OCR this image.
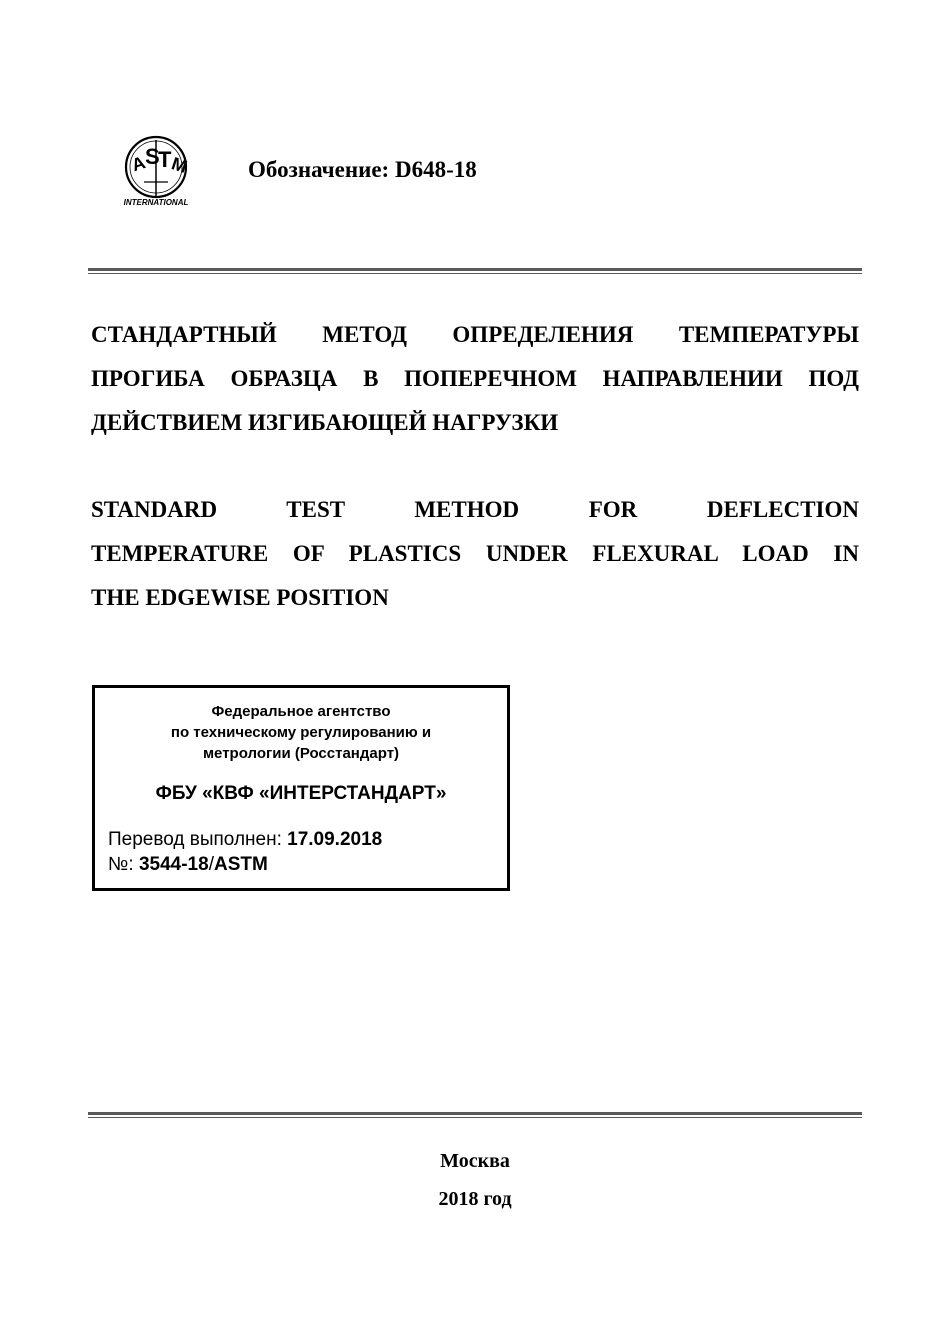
A
S
T
M
INTERNATIONAL
Обозначение: D648-18
СТАНДАРТНЫЙ МЕТОД ОПРЕДЕЛЕНИЯ ТЕМПЕРАТУРЫ
ПРОГИБА ОБРАЗЦА В ПОПЕРЕЧНОМ НАПРАВЛЕНИИ ПОД
ДЕЙСТВИЕМ ИЗГИБАЮЩЕЙ НАГРУЗКИ
STANDARD TEST METHOD FOR DEFLECTION
TEMPERATURE OF PLASTICS UNDER FLEXURAL LOAD IN
THE EDGEWISE POSITION
Федеральное агентство
по техническому регулированию и
метрологии (Росстандарт)
ФБУ «КВФ «ИНТЕРСТАНДАРТ»
Перевод выполнен: 17.09.2018
№: 3544-18/ASTM
Москва
2018 год
